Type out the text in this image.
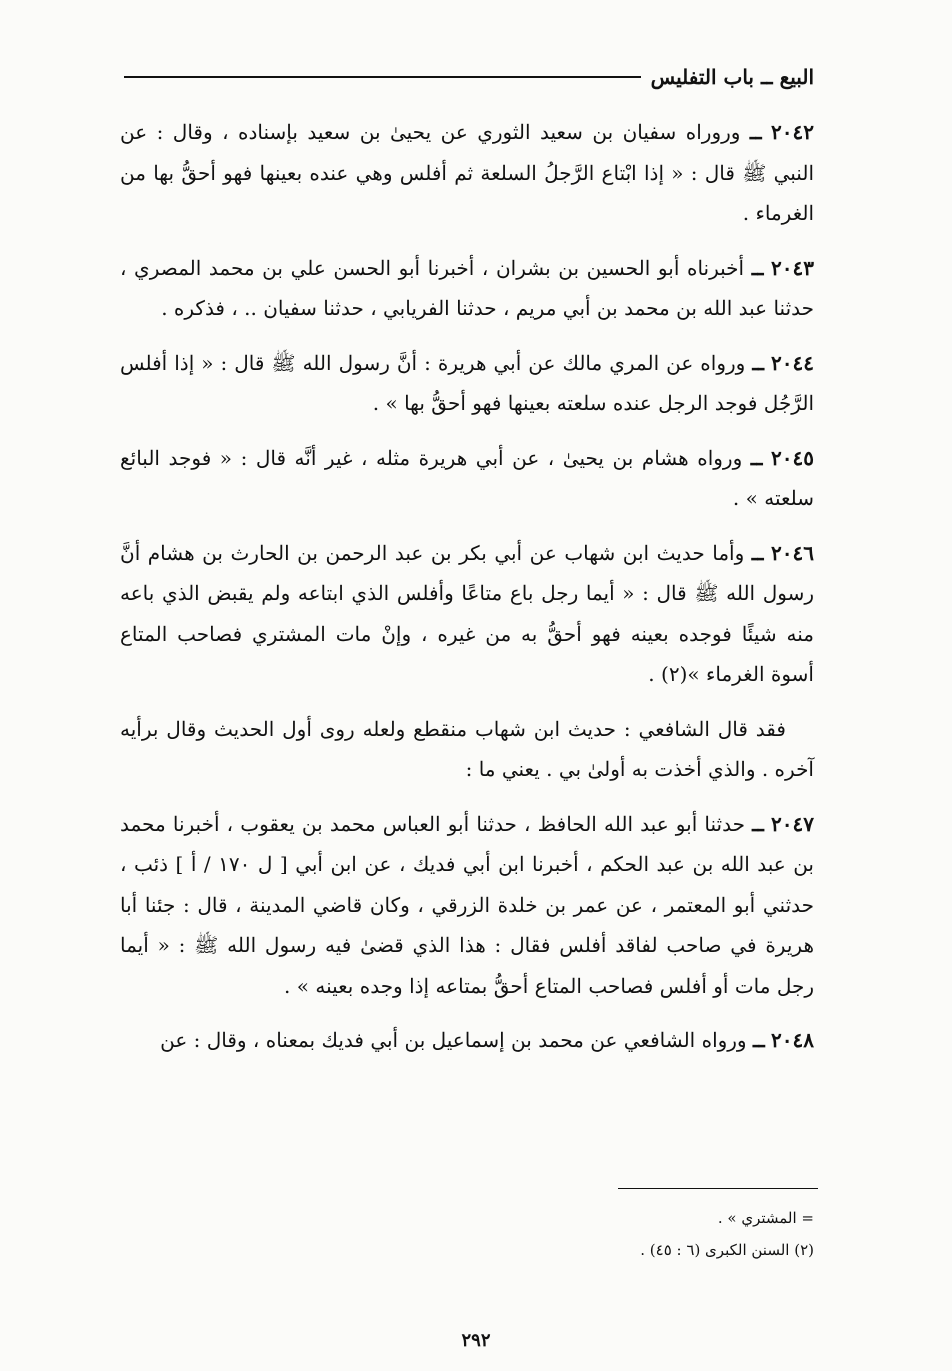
البيع ــ باب التفليس

٢٠٤٢ ــ وروراه سفيان بن سعيد الثوري عن يحيىٰ بن سعيد بإسناده ، وقال : عن النبي ﷺ قال : « إذا ابْتاع الرَّجلُ السلعة ثم أفلس وهي عنده بعينها فهو أحقُّ بها من الغرماء .

٢٠٤٣ ــ أخبرناه أبو الحسين بن بشران ، أخبرنا أبو الحسن علي بن محمد المصري ، حدثنا عبد الله بن محمد بن أبي مريم ، حدثنا الفريابي ، حدثنا سفيان .. ، فذكره .

٢٠٤٤ ــ ورواه عن المري مالك عن أبي هريرة : أنَّ رسول الله ﷺ قال : « إذا أفلس الرَّجُل فوجد الرجل عنده سلعته بعينها فهو أحقُّ بها » .

٢٠٤٥ ــ ورواه هشام بن يحيىٰ ، عن أبي هريرة مثله ، غير أنَّه قال : « فوجد البائع سلعته » .

٢٠٤٦ ــ وأما حديث ابن شهاب عن أبي بكر بن عبد الرحمن بن الحارث بن هشام أنَّ رسول الله ﷺ قال : « أيما رجل باع متاعًا وأفلس الذي ابتاعه ولم يقبض الذي باعه منه شيئًا فوجده بعينه فهو أحقُّ به من غيره ، وإنْ مات المشتري فصاحب المتاع أسوة الغرماء »(٢) .

فقد قال الشافعي : حديث ابن شهاب منقطع ولعله روى أول الحديث وقال برأيه آخره . والذي أخذت به أولىٰ بي . يعني ما :

٢٠٤٧ ــ حدثنا أبو عبد الله الحافظ ، حدثنا أبو العباس محمد بن يعقوب ، أخبرنا محمد بن عبد الله بن عبد الحكم ، أخبرنا ابن أبي فديك ، عن ابن أبي [ ل ١٧٠ / أ ] ذئب ، حدثني أبو المعتمر ، عن عمر بن خلدة الزرقي ، وكان قاضي المدينة ، قال : جئنا أبا هريرة في صاحب لفاقد أفلس فقال : هذا الذي قضىٰ فيه رسول الله ﷺ : « أيما رجل مات أو أفلس فصاحب المتاع أحقُّ بمتاعه إذا وجده بعينه » .

٢٠٤٨ ــ ورواه الشافعي عن محمد بن إسماعيل بن أبي فديك بمعناه ، وقال : عن

= المشتري » .
(٢) السنن الكبرى (٦ : ٤٥) .
٢٩٢
